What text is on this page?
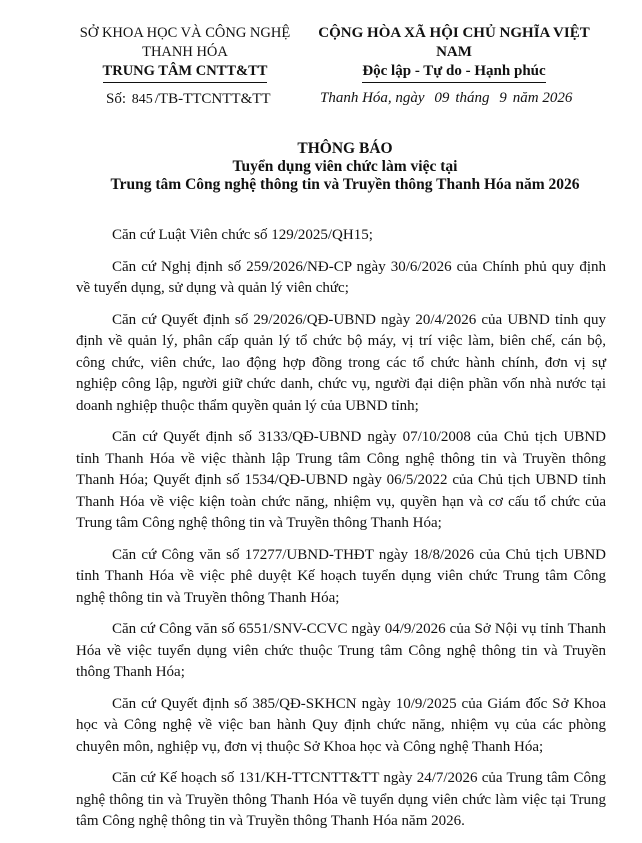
SỞ KHOA HỌC VÀ CÔNG NGHỆ
THANH HÓA
TRUNG TÂM CNTT&TT
CỘNG HÒA XÃ HỘI CHỦ NGHĨA VIỆT NAM
Độc lập - Tự do - Hạnh phúc
Số: 845 /TB-TTCNTT&TT	Thanh Hóa, ngày 09 tháng 9 năm 2026
THÔNG BÁO
Tuyển dụng viên chức làm việc tại
Trung tâm Công nghệ thông tin và Truyền thông Thanh Hóa năm 2026

Căn cứ Luật Viên chức số 129/2025/QH15;

Căn cứ Nghị định số 259/2026/NĐ-CP ngày 30/6/2026 của Chính phủ quy định về tuyển dụng, sử dụng và quản lý viên chức;

Căn cứ Quyết định số 29/2026/QĐ-UBND ngày 20/4/2026 của UBND tỉnh quy định về quản lý, phân cấp quản lý tổ chức bộ máy, vị trí việc làm, biên chế, cán bộ, công chức, viên chức, lao động hợp đồng trong các tổ chức hành chính, đơn vị sự nghiệp công lập, người giữ chức danh, chức vụ, người đại diện phần vốn nhà nước tại doanh nghiệp thuộc thẩm quyền quản lý của UBND tỉnh;

Căn cứ Quyết định số 3133/QĐ-UBND ngày 07/10/2008 của Chủ tịch UBND tỉnh Thanh Hóa về việc thành lập Trung tâm Công nghệ thông tin và Truyền thông Thanh Hóa; Quyết định số 1534/QĐ-UBND ngày 06/5/2022 của Chủ tịch UBND tỉnh Thanh Hóa về việc kiện toàn chức năng, nhiệm vụ, quyền hạn và cơ cấu tổ chức của Trung tâm Công nghệ thông tin và Truyền thông Thanh Hóa;

Căn cứ Công văn số 17277/UBND-THĐT ngày 18/8/2026 của Chủ tịch UBND tỉnh Thanh Hóa về việc phê duyệt Kế hoạch tuyển dụng viên chức Trung tâm Công nghệ thông tin và Truyền thông Thanh Hóa;

Căn cứ Công văn số 6551/SNV-CCVC ngày 04/9/2026 của Sở Nội vụ tỉnh Thanh Hóa về việc tuyển dụng viên chức thuộc Trung tâm Công nghệ thông tin và Truyền thông Thanh Hóa;

Căn cứ Quyết định số 385/QĐ-SKHCN ngày 10/9/2025 của Giám đốc Sở Khoa học và Công nghệ về việc ban hành Quy định chức năng, nhiệm vụ của các phòng chuyên môn, nghiệp vụ, đơn vị thuộc Sở Khoa học và Công nghệ Thanh Hóa;

Căn cứ Kế hoạch số 131/KH-TTCNTT&TT ngày 24/7/2026 của Trung tâm Công nghệ thông tin và Truyền thông Thanh Hóa về tuyển dụng viên chức làm việc tại Trung tâm Công nghệ thông tin và Truyền thông Thanh Hóa năm 2026.
